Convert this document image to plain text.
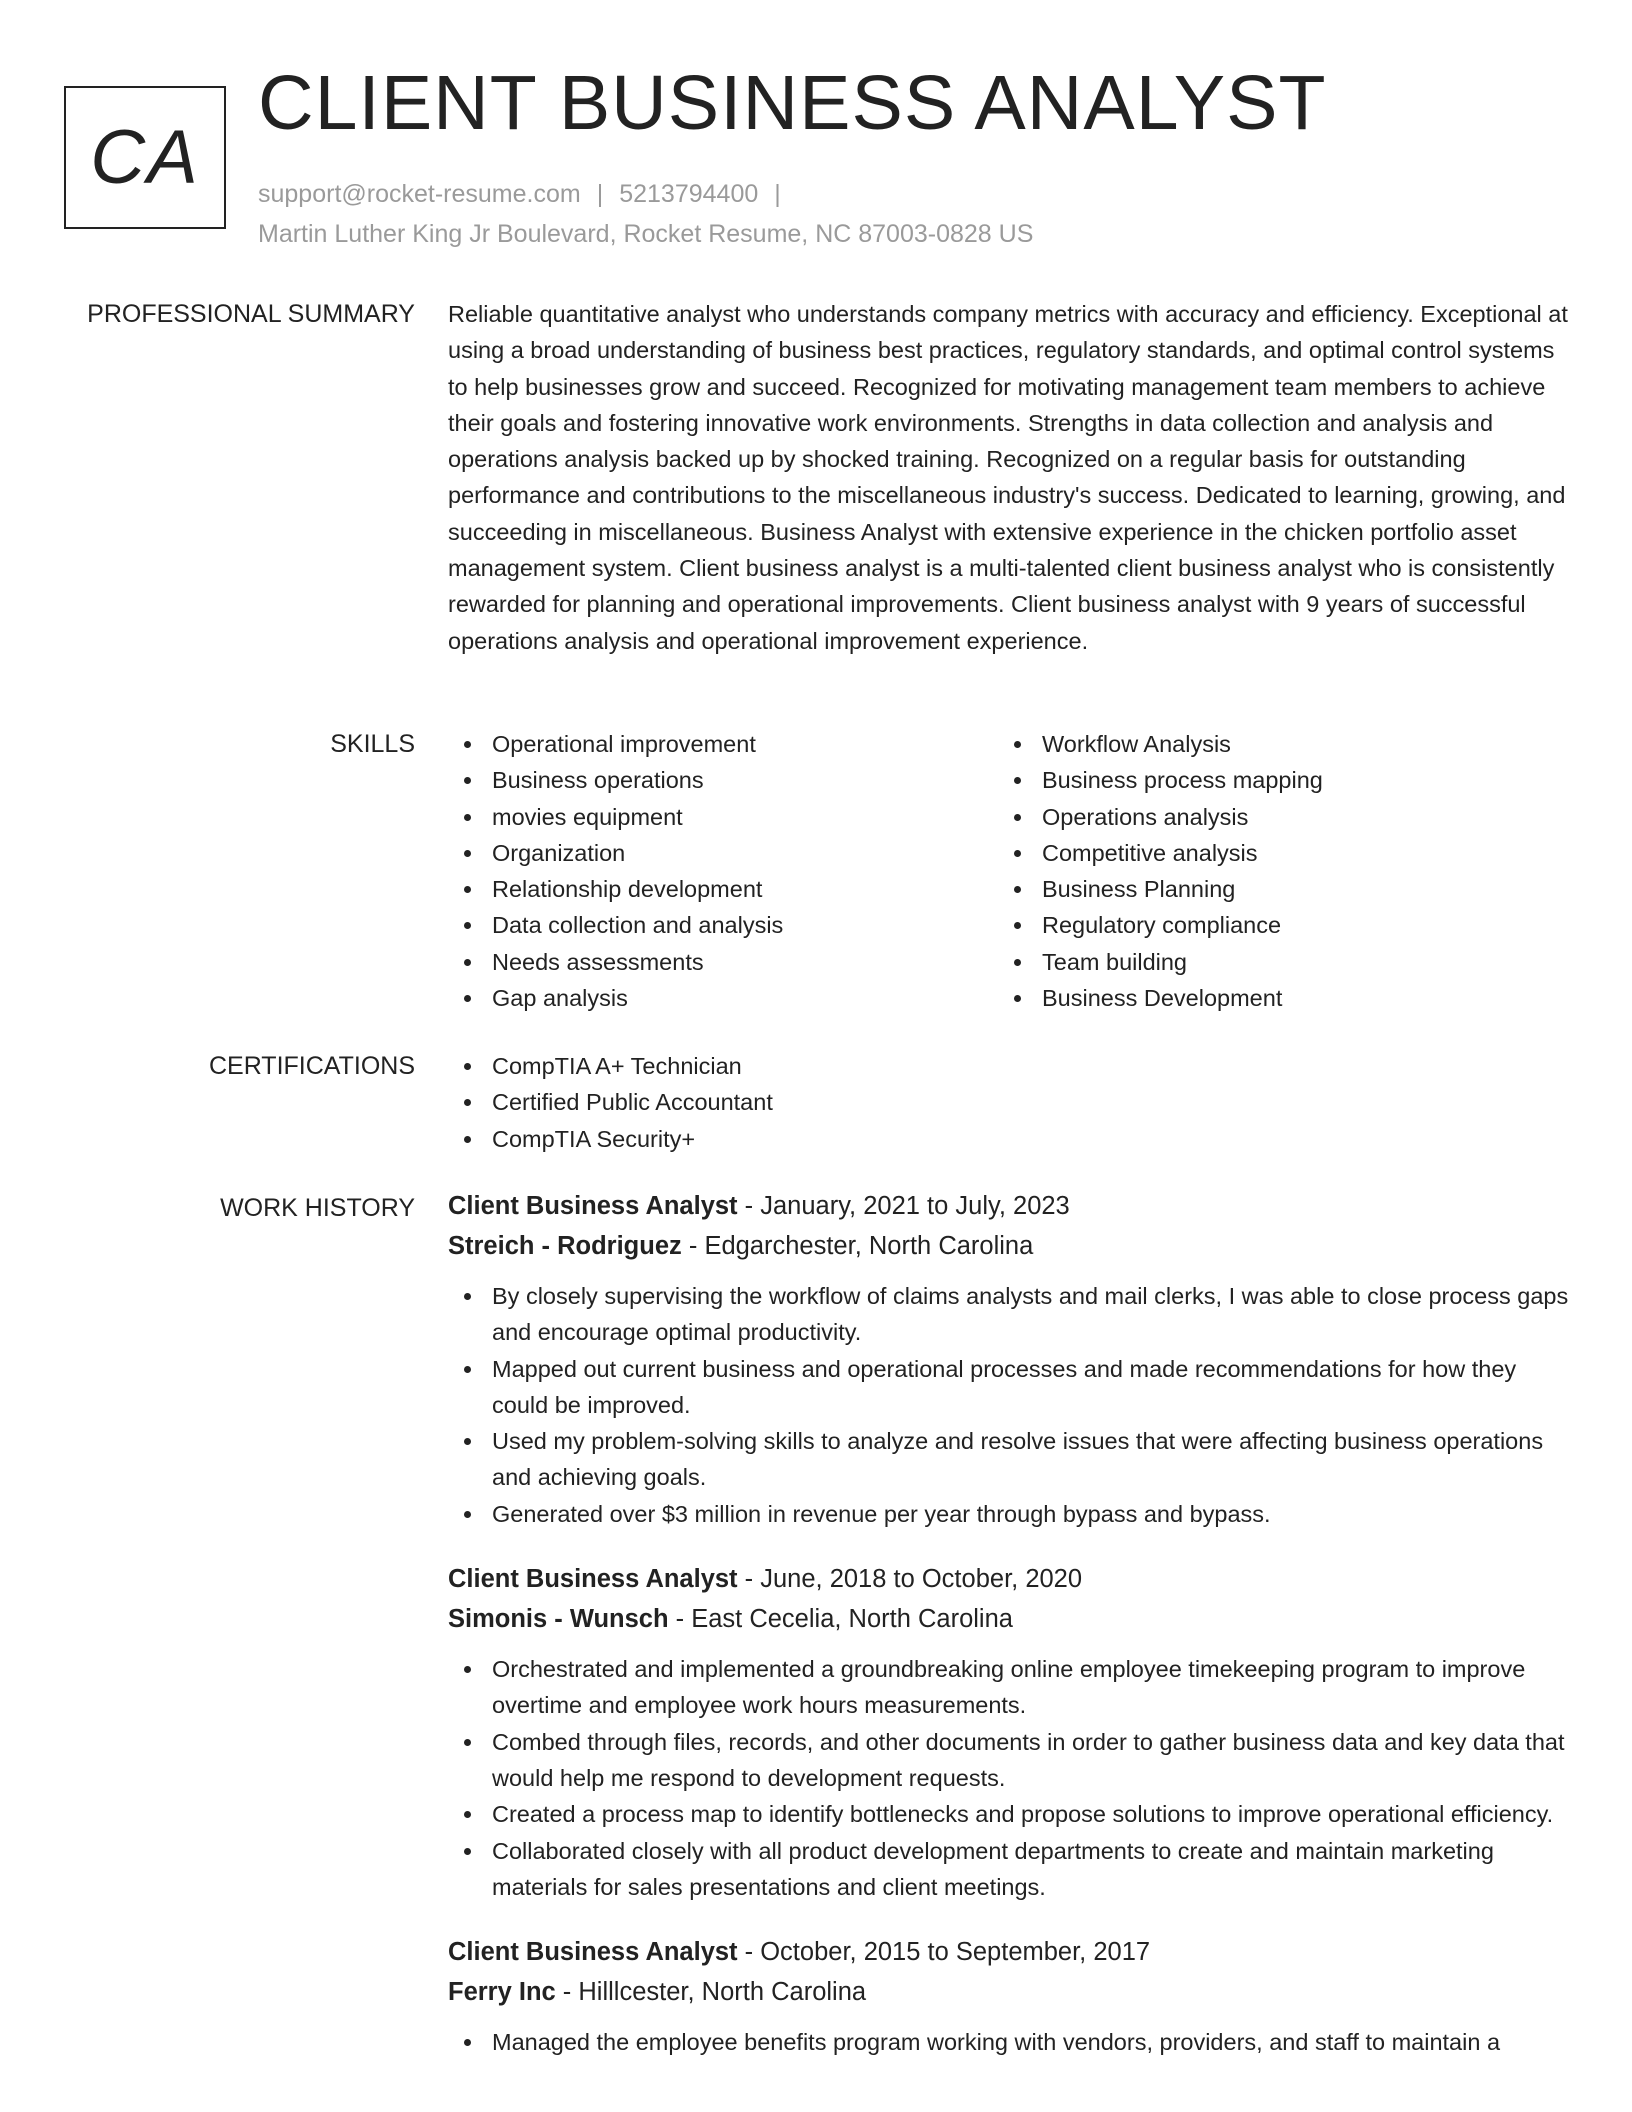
CA
CLIENT BUSINESS ANALYST
support@rocket-resume.com | 5213794400 |
Martin Luther King Jr Boulevard, Rocket Resume, NC 87003-0828 US
PROFESSIONAL SUMMARY Reliable quantitative analyst who understands company metrics with accuracy and efficiency. Exceptional at using a broad understanding of business best practices, regulatory standards, and optimal control systems to help businesses grow and succeed. Recognized for motivating management team members to achieve their goals and fostering innovative work environments. Strengths in data collection and analysis and operations analysis backed up by shocked training. Recognized on a regular basis for outstanding performance and contributions to the miscellaneous industry's success. Dedicated to learning, growing, and succeeding in miscellaneous. Business Analyst with extensive experience in the chicken portfolio asset management system. Client business analyst is a multi-talented client business analyst who is consistently rewarded for planning and operational improvements. Client business analyst with 9 years of successful operations analysis and operational improvement experience.

SKILLS	Operational improvement
Business operations
movies equipment
Organization
Relationship development
Data collection and analysis
Needs assessments
Gap analysis
Workflow Analysis
Business process mapping
Operations analysis
Competitive analysis
Business Planning
Regulatory compliance
Team building
Business Development
CERTIFICATIONS	CompTIA A+ Technician
Certified Public Accountant
CompTIA Security+
WORK HISTORY Client Business Analyst - January, 2021 to July, 2023
Streich - Rodriguez - Edgarchester, North Carolina
By closely supervising the workflow of claims analysts and mail clerks, I was able to close process gaps and encourage optimal productivity.
Mapped out current business and operational processes and made recommendations for how they could be improved.
Used my problem-solving skills to analyze and resolve issues that were affecting business operations and achieving goals.
Generated over $3 million in revenue per year through bypass and bypass.
Client Business Analyst - June, 2018 to October, 2020
Simonis - Wunsch - East Cecelia, North Carolina
Orchestrated and implemented a groundbreaking online employee timekeeping program to improve overtime and employee work hours measurements.
Combed through files, records, and other documents in order to gather business data and key data that would help me respond to development requests.
Created a process map to identify bottlenecks and propose solutions to improve operational efficiency.
Collaborated closely with all product development departments to create and maintain marketing materials for sales presentations and client meetings.
Client Business Analyst - October, 2015 to September, 2017
Ferry Inc - Hilllcester, North Carolina
Managed the employee benefits program working with vendors, providers, and staff to maintain a
